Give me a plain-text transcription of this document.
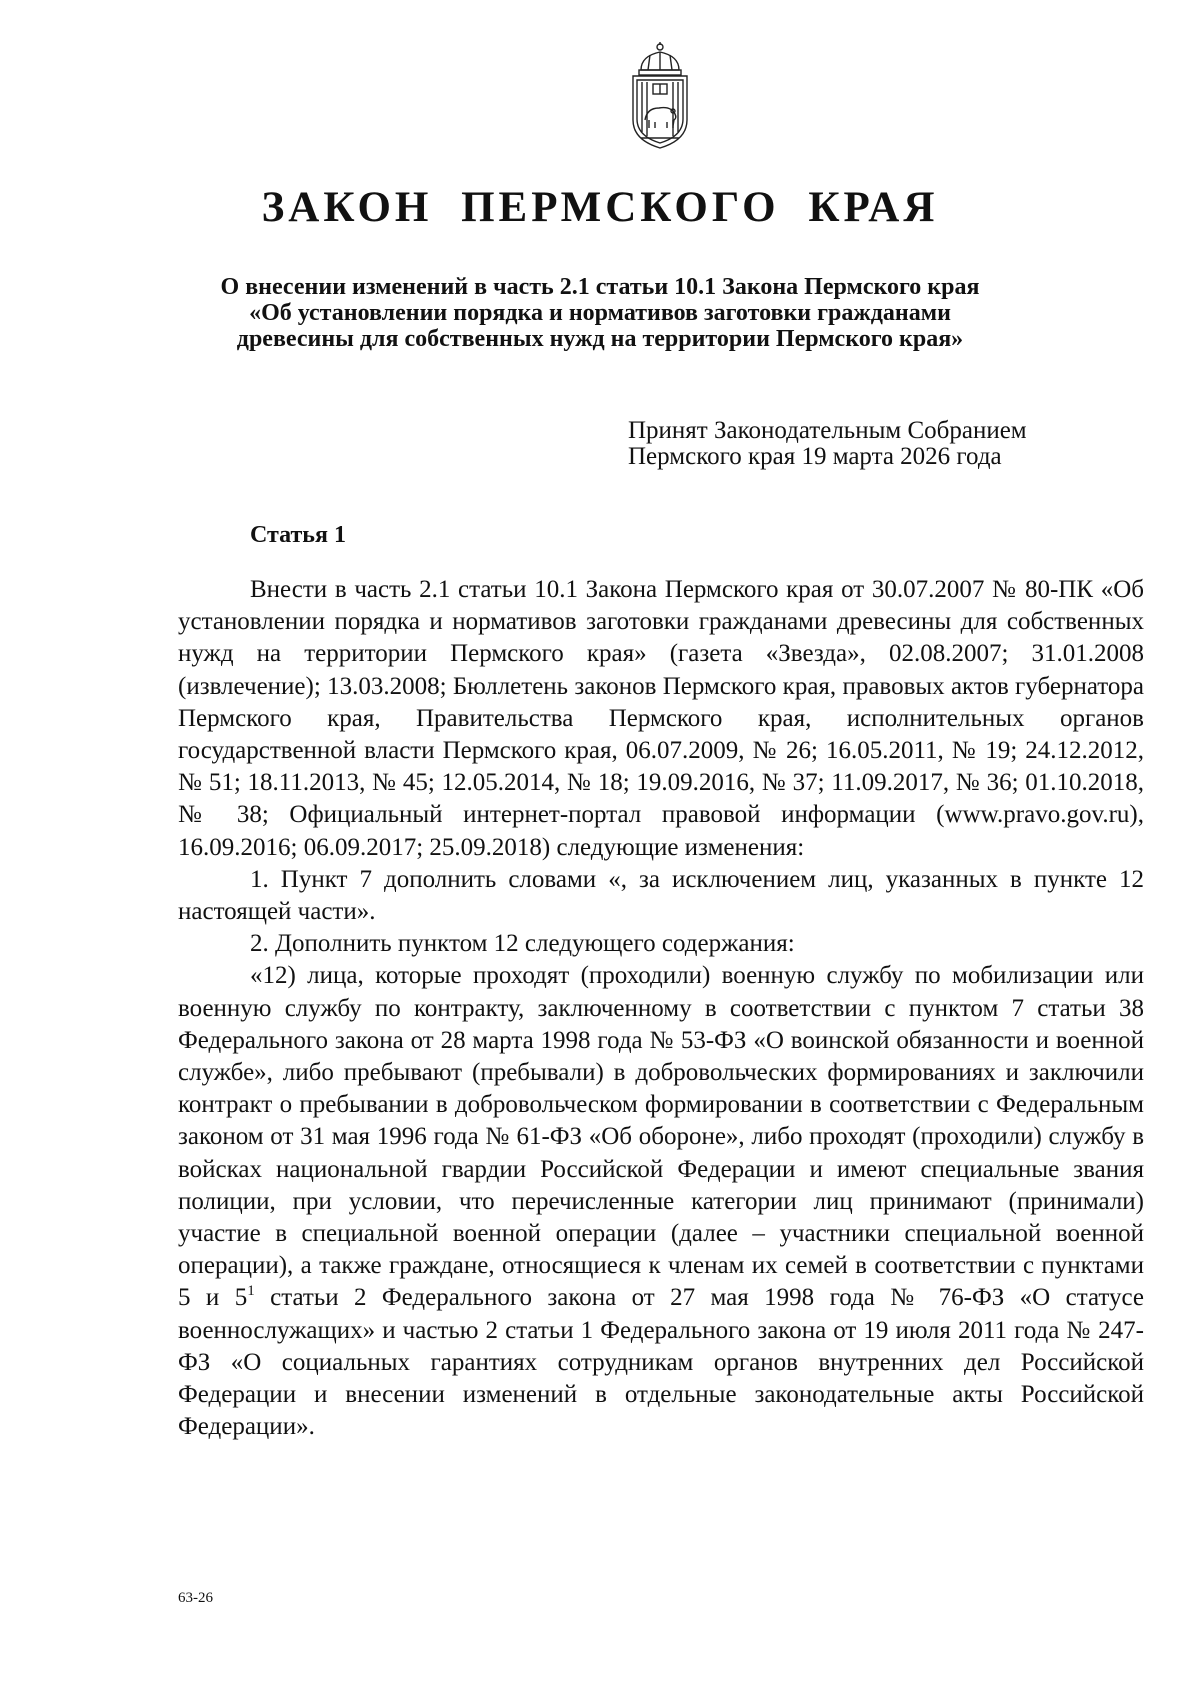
ЗАКОН ПЕРМСКОГО КРАЯ
О внесении изменений в часть 2.1 статьи 10.1 Закона Пермского края
«Об установлении порядка и нормативов заготовки гражданами
древесины для собственных нужд на территории Пермского края»
Принят Законодательным Собранием
Пермского края 19 марта 2026 года
Статья 1

Внести в часть 2.1 статьи 10.1 Закона Пермского края от 30.07.2007 № 80-ПК «Об установлении порядка и нормативов заготовки гражданами древесины для собственных нужд на территории Пермского края» (газета «Звезда», 02.08.2007; 31.01.2008 (извлечение); 13.03.2008; Бюллетень законов Пермского края, правовых актов губернатора Пермского края, Правительства Пермского края, исполнительных органов государственной власти Пермского края, 06.07.2009, № 26; 16.05.2011, № 19; 24.12.2012, № 51; 18.11.2013, № 45; 12.05.2014, № 18; 19.09.2016, № 37; 11.09.2017, № 36; 01.10.2018, № 38; Официальный интернет-портал правовой информации (www.pravo.gov.ru), 16.09.2016; 06.09.2017; 25.09.2018) следующие изменения:

1. Пункт 7 дополнить словами «, за исключением лиц, указанных в пункте 12 настоящей части».

2. Дополнить пунктом 12 следующего содержания:

«12) лица, которые проходят (проходили) военную службу по мобилизации или военную службу по контракту, заключенному в соответствии с пунктом 7 статьи 38 Федерального закона от 28 марта 1998 года № 53-ФЗ «О воинской обязанности и военной службе», либо пребывают (пребывали) в добровольческих формированиях и заключили контракт о пребывании в добровольческом формировании в соответствии с Федеральным законом от 31 мая 1996 года № 61-ФЗ «Об обороне», либо проходят (проходили) службу в войсках национальной гвардии Российской Федерации и имеют специальные звания полиции, при условии, что перечисленные категории лиц принимают (принимали) участие в специальной военной операции (далее – участники специальной военной операции), а также граждане, относящиеся к членам их семей в соответствии с пунктами 5 и $5^1$ статьи 2 Федерального закона от 27 мая 1998 года № 76-ФЗ «О статусе военнослужащих» и частью 2 статьи 1 Федерального закона от 19 июля 2011 года № 247-ФЗ «О социальных гарантиях сотрудникам органов внутренних дел Российской Федерации и внесении изменений в отдельные законодательные акты Российской Федерации».

63-26
